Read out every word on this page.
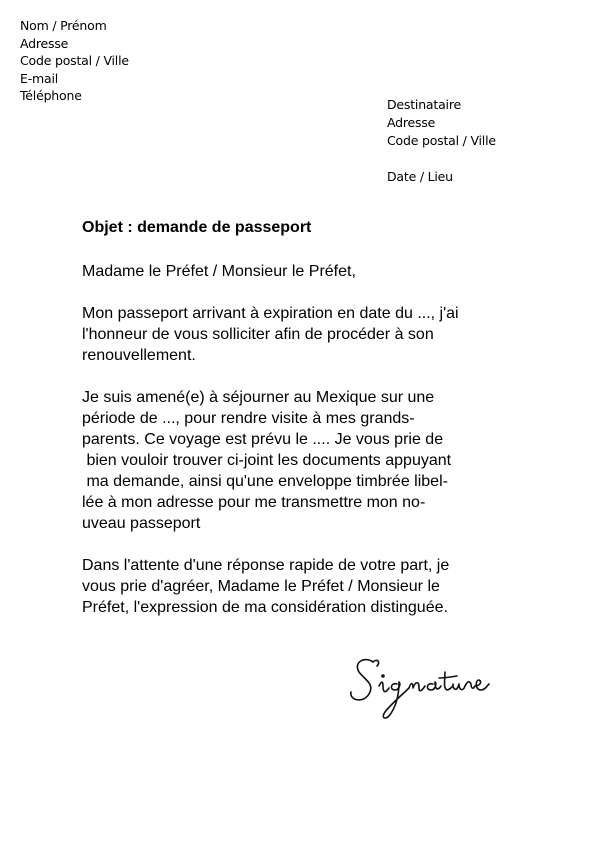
Nom / Prénom
Adresse
Code postal / Ville
E-mail
Téléphone
Destinataire
Adresse
Code postal / Ville
Date / Lieu
Objet : demande de passeport
Madame le Préfet / Monsieur le Préfet,
Mon passeport arrivant à expiration en date du ..., j'ai
l'honneur de vous solliciter afin de procéder à son
renouvellement.
Je suis amené(e) à séjourner au Mexique sur une
période de ..., pour rendre visite à mes grands-
parents. Ce voyage est prévu le .... Je vous prie de
bien vouloir trouver ci-joint les documents appuyant
ma demande, ainsi qu'une enveloppe timbrée libel-
lée à mon adresse pour me transmettre mon no-
uveau passeport
Dans l'attente d'une réponse rapide de votre part, je
vous prie d'agréer, Madame le Préfet / Monsieur le
Préfet, l'expression de ma considération distinguée.
